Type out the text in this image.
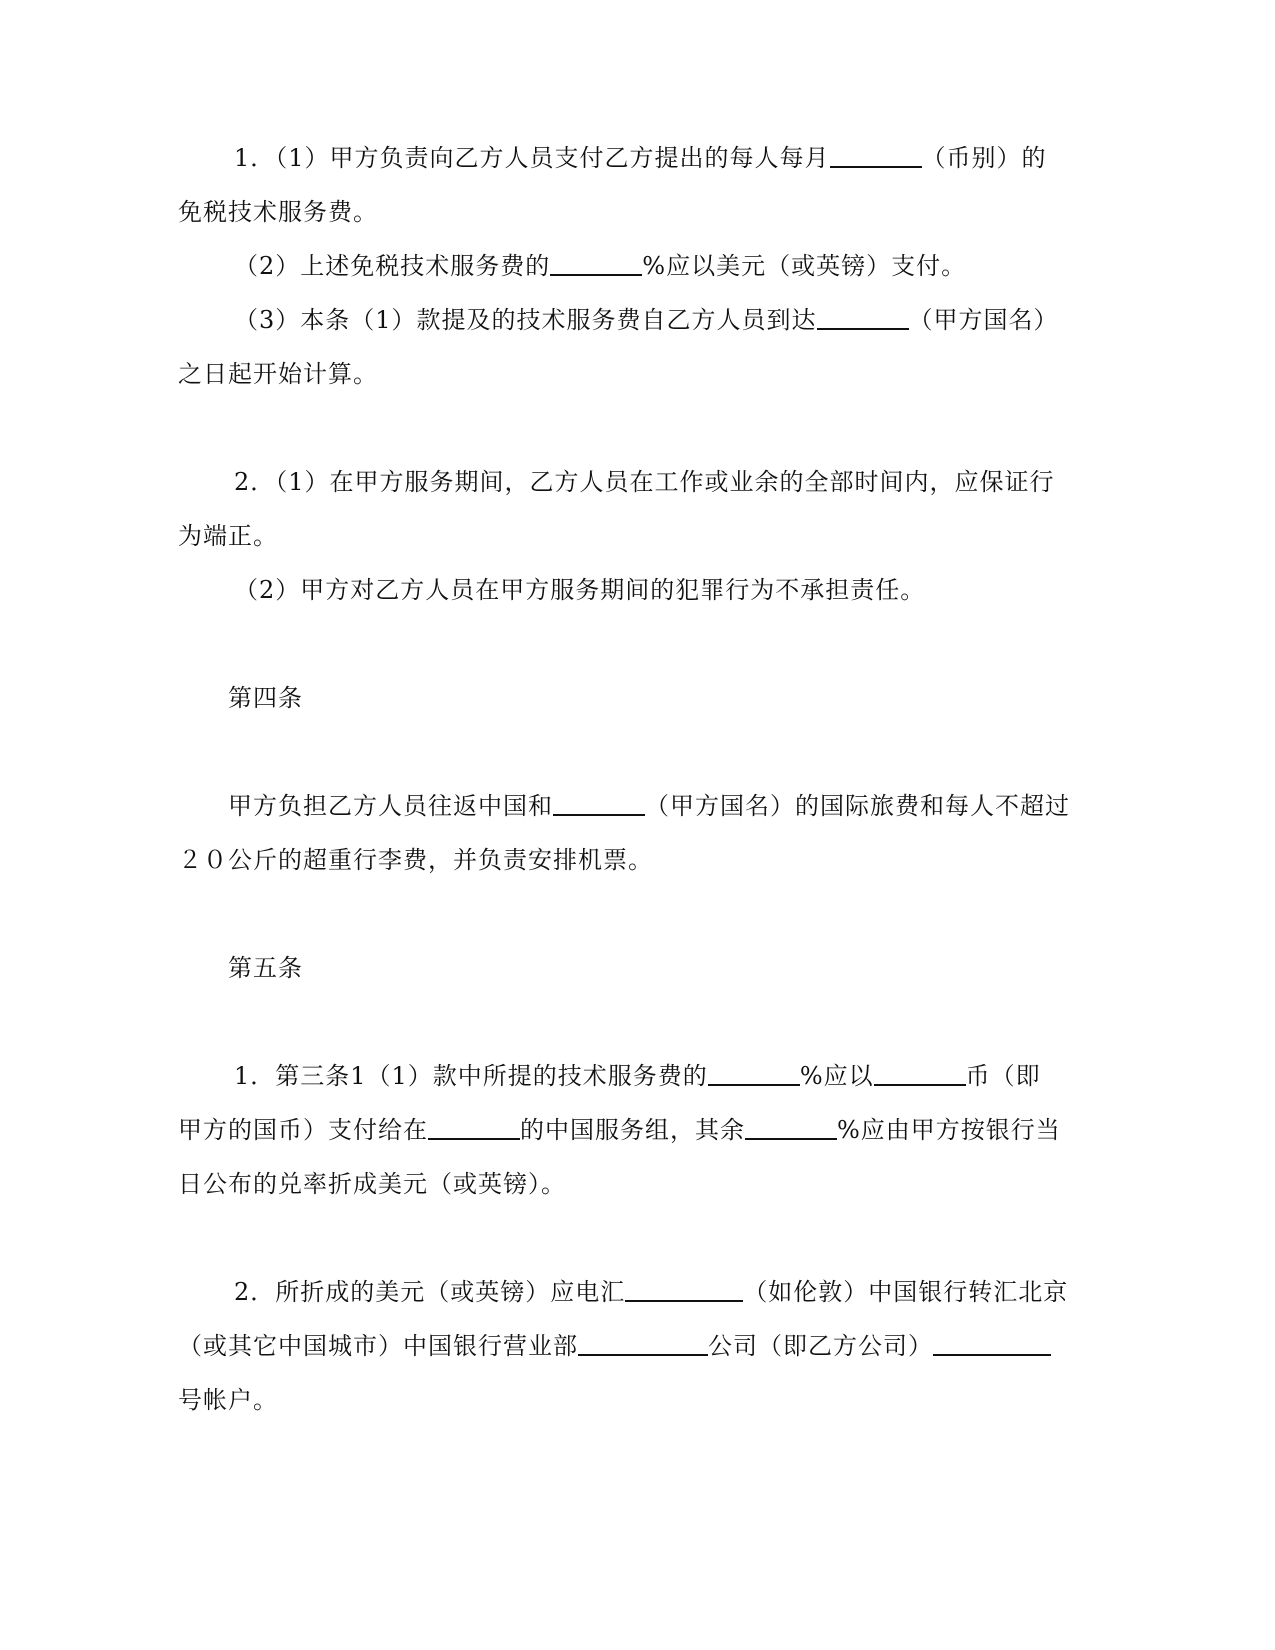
1．（1）甲方负责向乙方人员支付乙方提出的每人每月	（币别）的
免税技术服务费。
（2）上述免税技术服务费的	%应以美元（或英镑）支付。
（3）本条（1）款提及的技术服务费自乙方人员到达	（甲方国名）
之日起开始计算。
2．（1）在甲方服务期间，乙方人员在工作或业余的全部时间内，应保证行
为端正。
（2）甲方对乙方人员在甲方服务期间的犯罪行为不承担责任。
第四条
甲方负担乙方人员往返中国和	（甲方国名）的国际旅费和每人不超过
２０公斤的超重行李费，并负责安排机票。
第五条
1．第三条1（1）款中所提的技术服务费的	%应以	币（即
甲方的国币）支付给在	的中国服务组，其余	%应由甲方按银行当
日公布的兑率折成美元（或英镑）。
2．所折成的美元（或英镑）应电汇	（如伦敦）中国银行转汇北京
（或其它中国城市）中国银行营业部	公司（即乙方公司）
号帐户。
